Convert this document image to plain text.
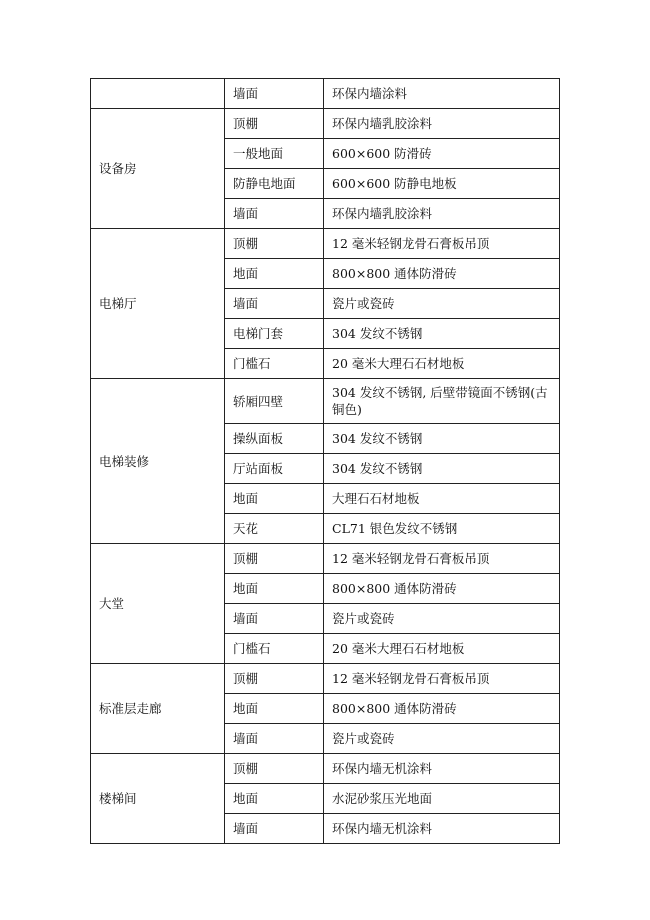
	墙面	环保内墙涂料
设备房	顶棚	环保内墙乳胶涂料
	一般地面	600×600 防滑砖
	防静电地面	600×600 防静电地板
	墙面	环保内墙乳胶涂料
电梯厅	顶棚	12 毫米轻钢龙骨石膏板吊顶
	地面	800×800 通体防滑砖
	墙面	瓷片或瓷砖
	电梯门套	304 发纹不锈钢
	门槛石	20 毫米大理石石材地板
电梯装修	轿厢四壁	304 发纹不锈钢, 后壁带镜面不锈钢(古铜色)
	操纵面板	304 发纹不锈钢
	厅站面板	304 发纹不锈钢
	地面	大理石石材地板
	天花	CL71 银色发纹不锈钢
大堂	顶棚	12 毫米轻钢龙骨石膏板吊顶
	地面	800×800 通体防滑砖
	墙面	瓷片或瓷砖
	门槛石	20 毫米大理石石材地板
标准层走廊	顶棚	12 毫米轻钢龙骨石膏板吊顶
	地面	800×800 通体防滑砖
	墙面	瓷片或瓷砖
楼梯间	顶棚	环保内墙无机涂料
	地面	水泥砂浆压光地面
	墙面	环保内墙无机涂料
